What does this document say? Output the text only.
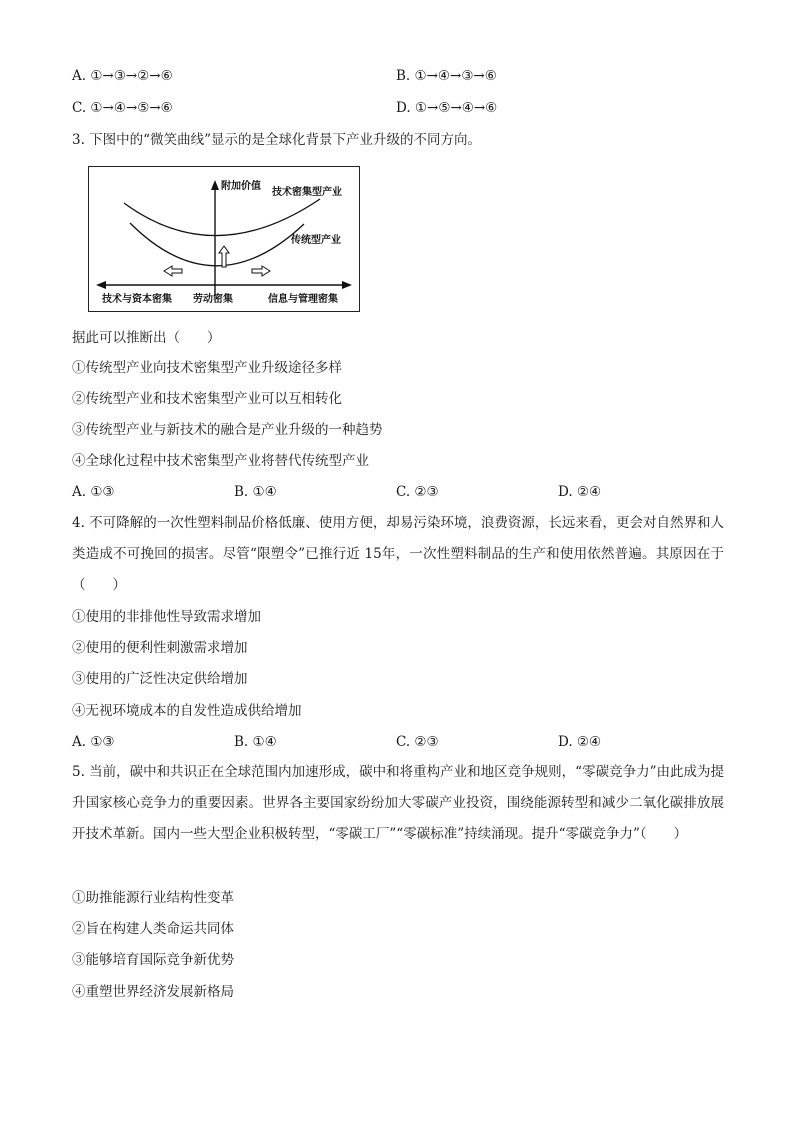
A. ①→③→②→⑥	B. ①→④→③→⑥
C. ①→④→⑤→⑥	D. ①→⑤→④→⑥
3. 下图中的“微笑曲线”显示的是全球化背景下产业升级的不同方向。
附加价值
技术密集型产业
传统型产业
技术与资本密集 劳动密集	信息与管理密集
据此可以推断出（　　）
①传统型产业向技术密集型产业升级途径多样
②传统型产业和技术密集型产业可以互相转化
③传统型产业与新技术的融合是产业升级的一种趋势
④全球化过程中技术密集型产业将替代传统型产业
A. ①③	B. ①④	C. ②③	D. ②④
4. 不可降解的一次性塑料制品价格低廉、使用方便，却易污染环境，浪费资源，长远来看，更会对自然界和人类造成不可挽回的损害。尽管“限塑令”已推行近 15年，一次性塑料制品的生产和使用依然普遍。其原因在于（　　）
①使用的非排他性导致需求增加
②使用的便利性刺激需求增加
③使用的广泛性决定供给增加
④无视环境成本的自发性造成供给增加
A. ①③	B. ①④	C. ②③	D. ②④
5. 当前，碳中和共识正在全球范围内加速形成，碳中和将重构产业和地区竞争规则，“零碳竞争力”由此成为提升国家核心竞争力的重要因素。世界各主要国家纷纷加大零碳产业投资，围绕能源转型和减少二氧化碳排放展开技术革新。国内一些大型企业积极转型，“零碳工厂”“零碳标准”持续涌现。提升“零碳竞争力”（　　）
①助推能源行业结构性变革
②旨在构建人类命运共同体
③能够培育国际竞争新优势
④重塑世界经济发展新格局
